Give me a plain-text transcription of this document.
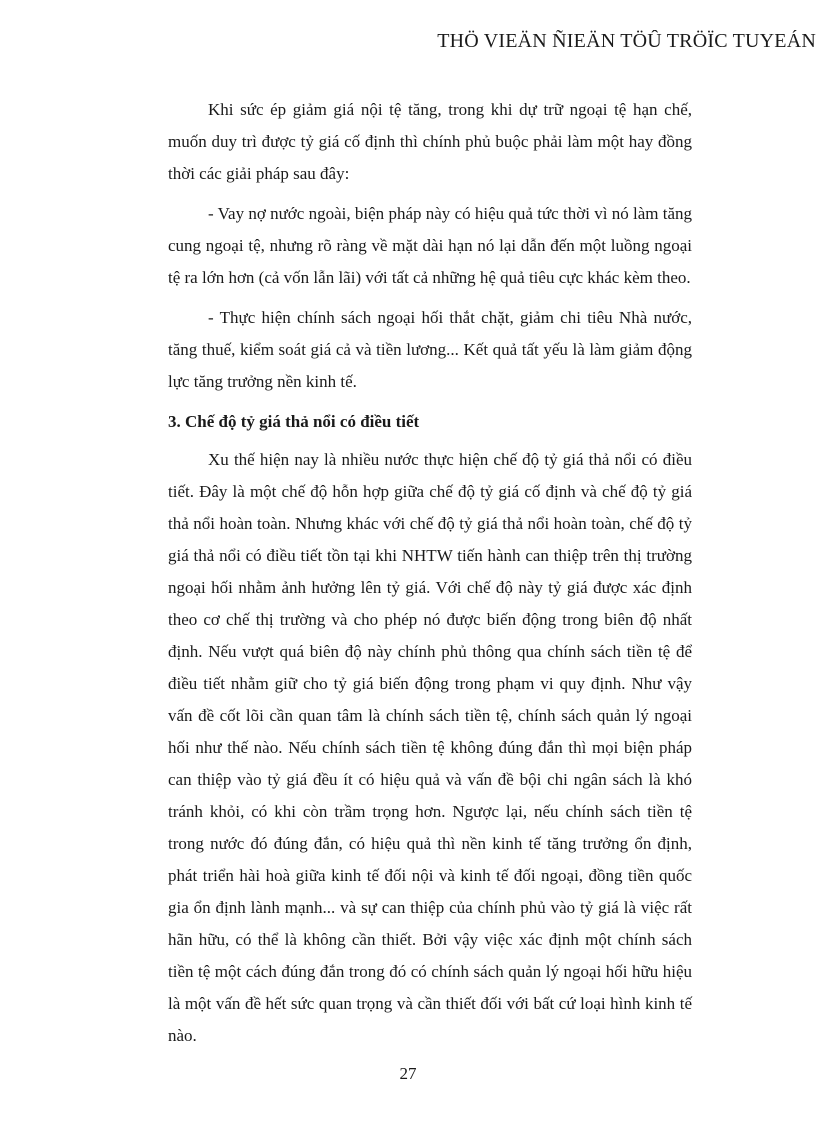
THÖ VIEÄN ÑIEÄN TÖÛ TRÖÏC TUYEÁN

Khi sức ép giảm giá nội tệ tăng, trong khi dự trữ ngoại tệ hạn chế, muốn duy trì được tỷ giá cố định thì chính phủ buộc phải làm một hay đồng thời các giải pháp sau đây:

- Vay nợ nước ngoài, biện pháp này có hiệu quả tức thời vì nó làm tăng cung ngoại tệ, nhưng rõ ràng về mặt dài hạn nó lại dẫn đến một luồng ngoại tệ ra lớn hơn (cả vốn lẫn lãi) với tất cả những hệ quả tiêu cực khác kèm theo.

- Thực hiện chính sách ngoại hối thắt chặt, giảm chi tiêu Nhà nước, tăng thuế, kiểm soát giá cả và tiền lương... Kết quả tất yếu là làm giảm động lực tăng trưởng nền kinh tế.

3. Chế độ tỷ giá thả nổi có điều tiết

Xu thế hiện nay là nhiều nước thực hiện chế độ tỷ giá thả nổi có điều tiết. Đây là một chế độ hỗn hợp giữa chế độ tỷ giá cố định và chế độ tỷ giá thả nổi hoàn toàn. Nhưng khác với chế độ tỷ giá thả nổi hoàn toàn, chế độ tỷ giá thả nổi có điều tiết tồn tại khi NHTW tiến hành can thiệp trên thị trường ngoại hối nhằm ảnh hưởng lên tỷ giá. Với chế độ này tỷ giá được xác định theo cơ chế thị trường và cho phép nó được biến động trong biên độ nhất định. Nếu vượt quá biên độ này chính phủ thông qua chính sách tiền tệ để điều tiết nhằm giữ cho tỷ giá biến động trong phạm vi quy định. Như vậy vấn đề cốt lõi cần quan tâm là chính sách tiền tệ, chính sách quản lý ngoại hối như thế nào. Nếu chính sách tiền tệ không đúng đắn thì mọi biện pháp can thiệp vào tỷ giá đều ít có hiệu quả và vấn đề bội chi ngân sách là khó tránh khỏi, có khi còn trầm trọng hơn. Ngược lại, nếu chính sách tiền tệ trong nước đó đúng đắn, có hiệu quả thì nền kinh tế tăng trưởng ổn định, phát triển hài hoà giữa kinh tế đối nội và kinh tế đối ngoại, đồng tiền quốc gia ổn định lành mạnh... và sự can thiệp của chính phủ vào tỷ giá là việc rất hãn hữu, có thể là không cần thiết. Bởi vậy việc xác định một chính sách tiền tệ một cách đúng đắn trong đó có chính sách quản lý ngoại hối hữu hiệu là một vấn đề hết sức quan trọng và cần thiết đối với bất cứ loại hình kinh tế nào.

27
